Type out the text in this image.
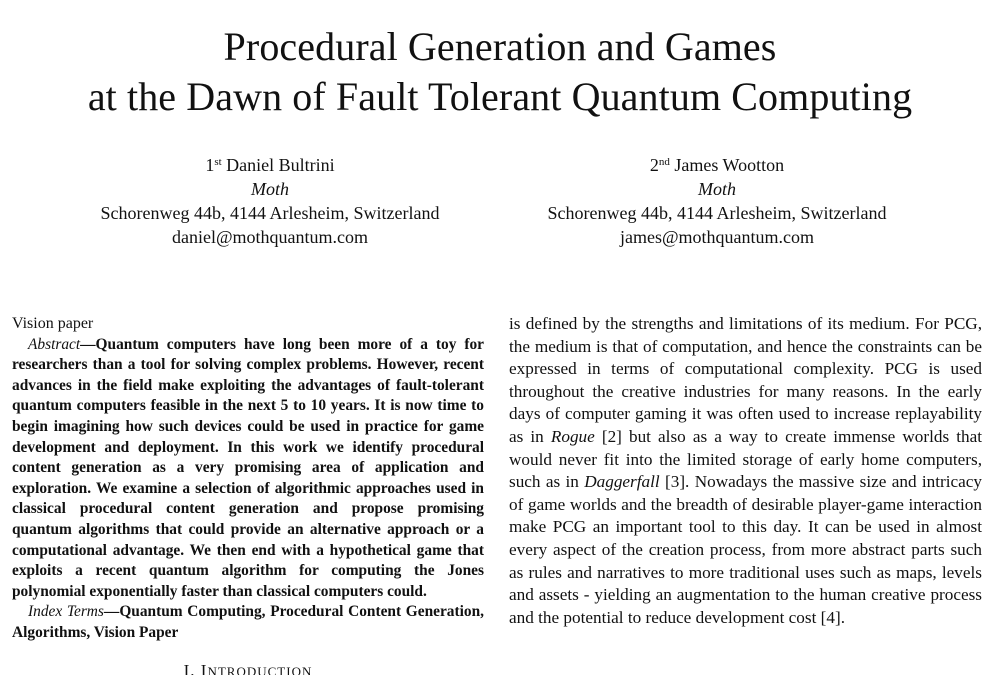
Procedural Generation and Games
at the Dawn of Fault Tolerant Quantum Computing
1st Daniel Bultrini
Moth
Schorenweg 44b, 4144 Arlesheim, Switzerland
daniel@mothquantum.com
2nd James Wootton
Moth
Schorenweg 44b, 4144 Arlesheim, Switzerland
james@mothquantum.com
Vision paper

Abstract—Quantum computers have long been more of a toy for researchers than a tool for solving complex problems. However, recent advances in the field make exploiting the advantages of fault-tolerant quantum computers feasible in the next 5 to 10 years. It is now time to begin imagining how such devices could be used in practice for game development and deployment. In this work we identify procedural content generation as a very promising area of application and exploration. We examine a selection of algorithmic approaches used in classical procedural content generation and propose promising quantum algorithms that could provide an alternative approach or a computational advantage. We then end with a hypothetical game that exploits a recent quantum algorithm for computing the Jones polynomial exponentially faster than classical computers could.

Index Terms—Quantum Computing, Procedural Content Generation, Algorithms, Vision Paper

I. INTRODUCTION

is defined by the strengths and limitations of its medium. For PCG, the medium is that of computation, and hence the constraints can be expressed in terms of computational complexity. PCG is used throughout the creative industries for many reasons. In the early days of computer gaming it was often used to increase replayability as in Rogue [2] but also as a way to create immense worlds that would never fit into the limited storage of early home computers, such as in Daggerfall [3]. Nowadays the massive size and intricacy of game worlds and the breadth of desirable player-game interaction make PCG an important tool to this day. It can be used in almost every aspect of the creation process, from more abstract parts such as rules and narratives to more traditional uses such as maps, levels and assets - yielding an augmentation to the human creative process and the potential to reduce development cost [4].
